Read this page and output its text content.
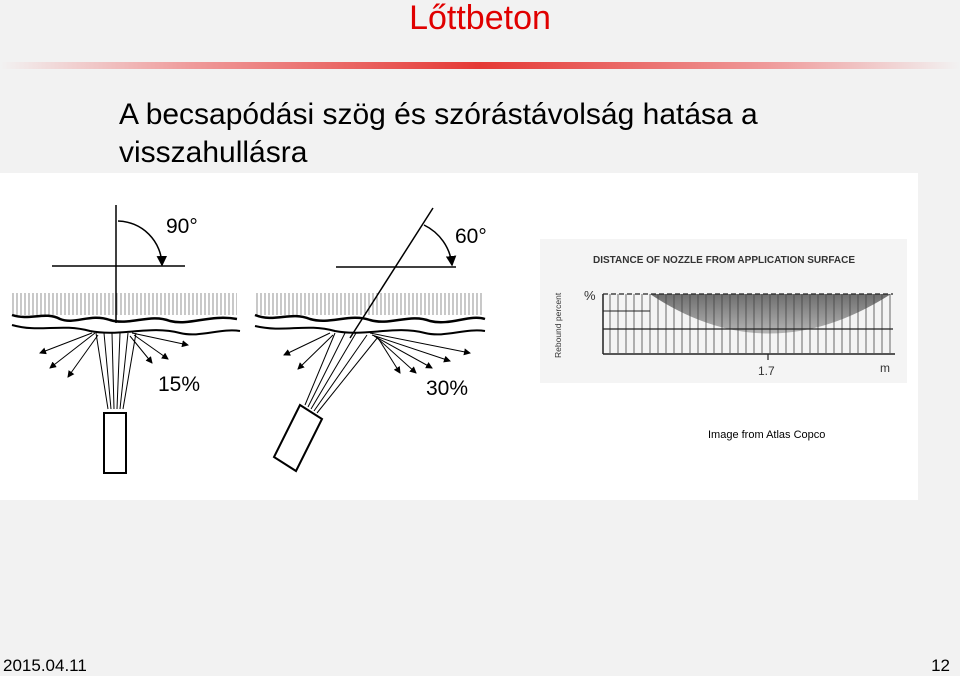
Lőttbeton
A becsapódási szög és szórástávolság hatása a visszahullásra
90°
15%
60°
30%
DISTANCE OF NOZZLE FROM APPLICATION SURFACE
Rebound percent %
1.7	m
Image from Atlas Copco
2015.04.11	12
